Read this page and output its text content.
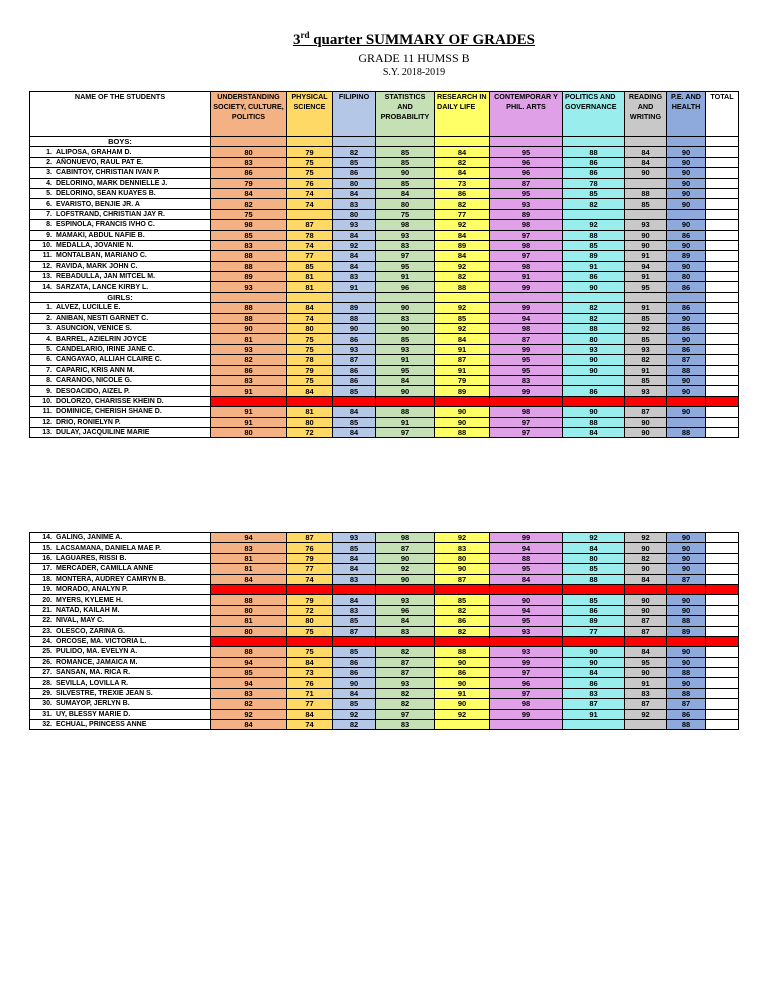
3rd quarter SUMMARY OF GRADES
GRADE 11 HUMSS B
S.Y. 2018-2019
NAME OF THE STUDENTS	UNDERSTANDING SOCIETY, CULTURE, POLITICS	PHYSICAL SCIENCE	FILIPINO	STATISTICS AND PROBABILITY	RESEARCH IN DAILY LIFE	CONTEMPORAR Y PHIL. ARTS	POLITICS AND GOVERNANCE	READING AND WRITING	P.E. AND HEALTH	TOTAL
BOYS:										
1. ALIPOSA, GRAHAM D.	80	79	82	85	84	95	88	84	90	
2. AÑONUEVO, RAUL PAT E.	83	75	85	85	82	96	86	84	90	
3. CABINTOY, CHRISTIAN IVAN P.	86	75	86	90	84	96	86	90	90	
4. DELORINO, MARK DENNIELLE J.	79	76	80	85	73	87	78		90	
5. DELORINO, SEAN KUAYES B.	84	74	84	84	86	95	85	88	90	
6. EVARISTO, BENJIE JR. A	82	74	83	80	82	93	82	85	90	
7. LOFSTRAND, CHRISTIAN JAY R.	75		80	75	77	89				
8. ESPINOLA, FRANCIS IVHO C.	98	87	93	98	92	98	92	93	90	
9. MAMAKI, ABDUL NAFIE B.	85	78	84	93	84	97	88	90	86	
10. MEDALLA, JOVANIE N.	83	74	92	83	89	98	85	90	90	
11. MONTALBAN, MARIANO C.	88	77	84	97	84	97	89	91	89	
12. RAVIDA, MARK JOHN C.	88	85	84	95	92	98	91	94	90	
13. REBADULLA, JAN MITCEL M.	89	81	83	91	82	91	86	91	80	
14. SARZATA, LANCE KIRBY L.	93	81	91	96	88	99	90	95	86	
GIRLS:										
1. ALVEZ, LUCILLE E.	88	84	89	90	92	99	82	91	86	
2. ANIBAN, NESTI GARNET C.	88	74	88	83	85	94	82	85	90	
3. ASUNCION, VENICE S.	90	80	90	90	92	98	88	92	86	
4. BARREL, AZIELRIN JOYCE	81	75	86	85	84	87	80	85	90	
5. CANDELARIO, IRINE JANE C.	93	75	93	93	91	99	93	93	86	
6. CANGAYAO, ALLIAH CLAIRE C.	82	78	87	91	87	95	90	82	87	
7. CAPARIC, KRIS ANN M.	86	79	86	95	91	95	90	91	88	
8. CARANOG, NICOLE G.	83	75	86	84	79	83		85	90	
9. DESOACIDO, AIZEL P.	91	84	85	90	89	99	86	93	90	
10. DOLORZO, CHARISSE KHEIN D.										
11. DOMINICE, CHERISH SHANE D.	91	81	84	88	90	98	90	87	90	
12. DRIO, RONIELYN P.	91	80	85	91	90	97	88	90		
13. DULAY, JACQUILINE MARIE	80	72	84	97	88	97	84	90	88	
14. GALING, JANIME A.	94	87	93	98	92	99	92	92	90	
15. LACSAMANA, DANIELA MAE P.	83	76	85	87	83	94	84	90	90	
16. LAGUARES, RISSI B.	81	79	84	90	80	88	80	82	90	
17. MERCADER, CAMILLA ANNE	81	77	84	92	90	95	85	90	90	
18. MONTERA, AUDREY CAMRYN B.	84	74	83	90	87	84	88	84	87	
19. MORADO, ANALYN P.										
20. MYERS, KYLEME H.	88	79	84	93	85	90	85	90	90	
21. NATAD, KAILAH M.	80	72	83	96	82	94	86	90	90	
22. NIVAL, MAY C.	81	80	85	84	86	95	89	87	88	
23. OLESCO, ZARINA G.	80	75	87	83	82	93	77	87	89	
24. ORCOSE, MA. VICTORIA L.										
25. PULIDO, MA. EVELYN A.	88	75	85	82	88	93	90	84	90	
26. ROMANCE, JAMAICA M.	94	84	86	87	90	99	90	95	90	
27. SANSAN, MA. RICA R.	85	73	86	87	86	97	84	90	88	
28. SEVILLA, LOVILLA R.	94	76	90	93	90	96	86	91	90	
29. SILVESTRE, TREXIE JEAN S.	83	71	84	82	91	97	83	83	88	
30. SUMAYOP, JERLYN B.	82	77	85	82	90	98	87	87	87	
31. UY, BLESSY MARIE D.	92	84	92	97	92	99	91	92	86	
32. ECHUAL, PRINCESS ANNE	84	74	82	83					88	
